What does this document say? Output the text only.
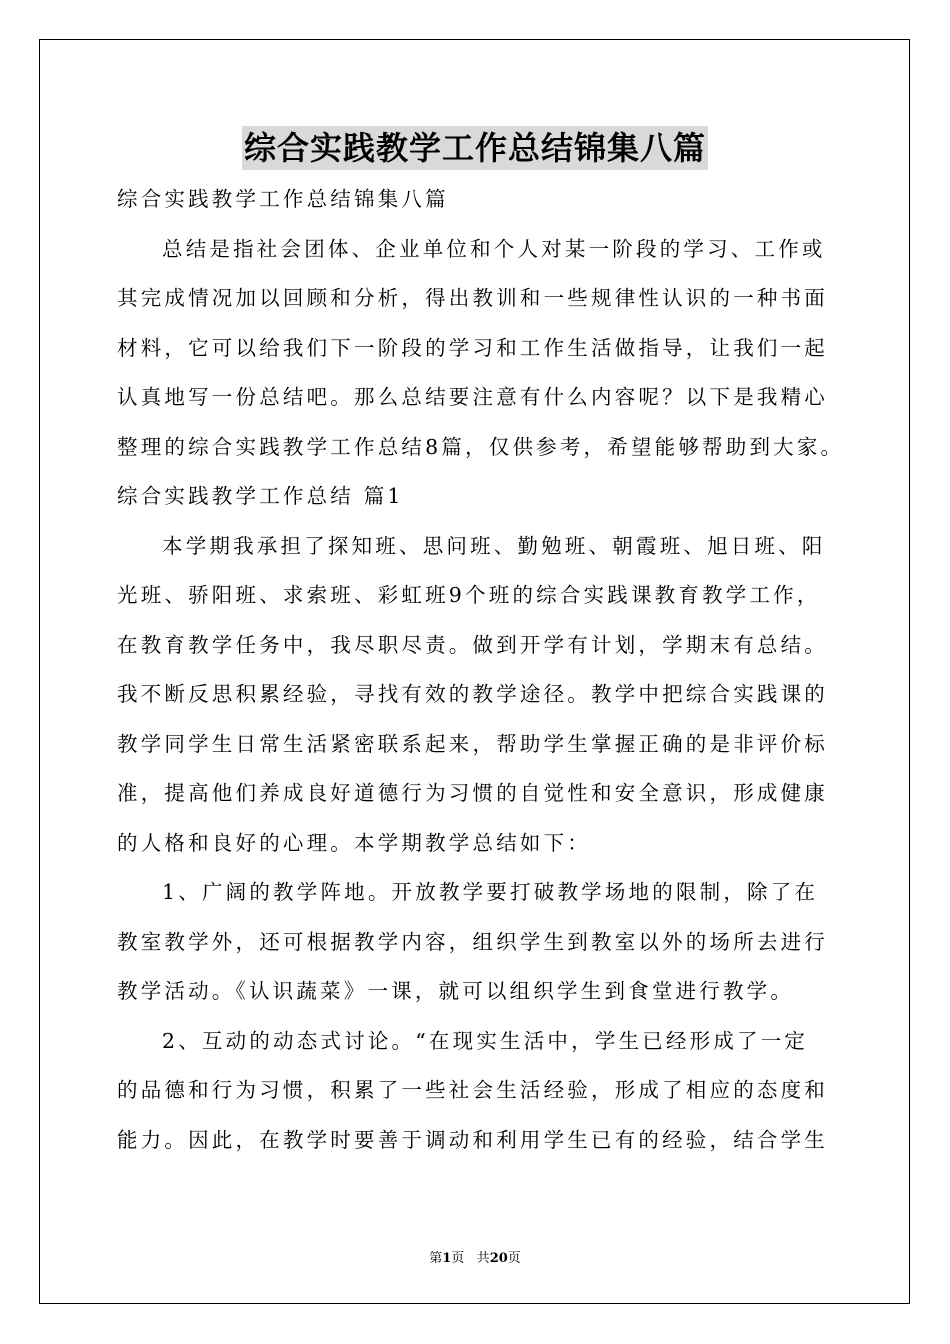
综合实践教学工作总结锦集八篇
综合实践教学工作总结锦集八篇
总结是指社会团体、企业单位和个人对某一阶段的学习、工作或
其完成情况加以回顾和分析，得出教训和一些规律性认识的一种书面
材料，它可以给我们下一阶段的学习和工作生活做指导，让我们一起
认真地写一份总结吧。那么总结要注意有什么内容呢？以下是我精心
整理的综合实践教学工作总结8篇，仅供参考，希望能够帮助到大家。
综合实践教学工作总结 篇1
本学期我承担了探知班、思问班、勤勉班、朝霞班、旭日班、阳
光班、骄阳班、求索班、彩虹班9个班的综合实践课教育教学工作，
在教育教学任务中，我尽职尽责。做到开学有计划，学期末有总结。
我不断反思积累经验，寻找有效的教学途径。教学中把综合实践课的
教学同学生日常生活紧密联系起来，帮助学生掌握正确的是非评价标
准，提高他们养成良好道德行为习惯的自觉性和安全意识，形成健康
的人格和良好的心理。本学期教学总结如下：
1、广阔的教学阵地。开放教学要打破教学场地的限制，除了在
教室教学外，还可根据教学内容，组织学生到教室以外的场所去进行
教学活动。《认识蔬菜》一课，就可以组织学生到食堂进行教学。
2、互动的动态式讨论。“在现实生活中，学生已经形成了一定
的品德和行为习惯，积累了一些社会生活经验，形成了相应的态度和
能力。因此，在教学时要善于调动和利用学生已有的经验，结合学生
第1页 共20页
